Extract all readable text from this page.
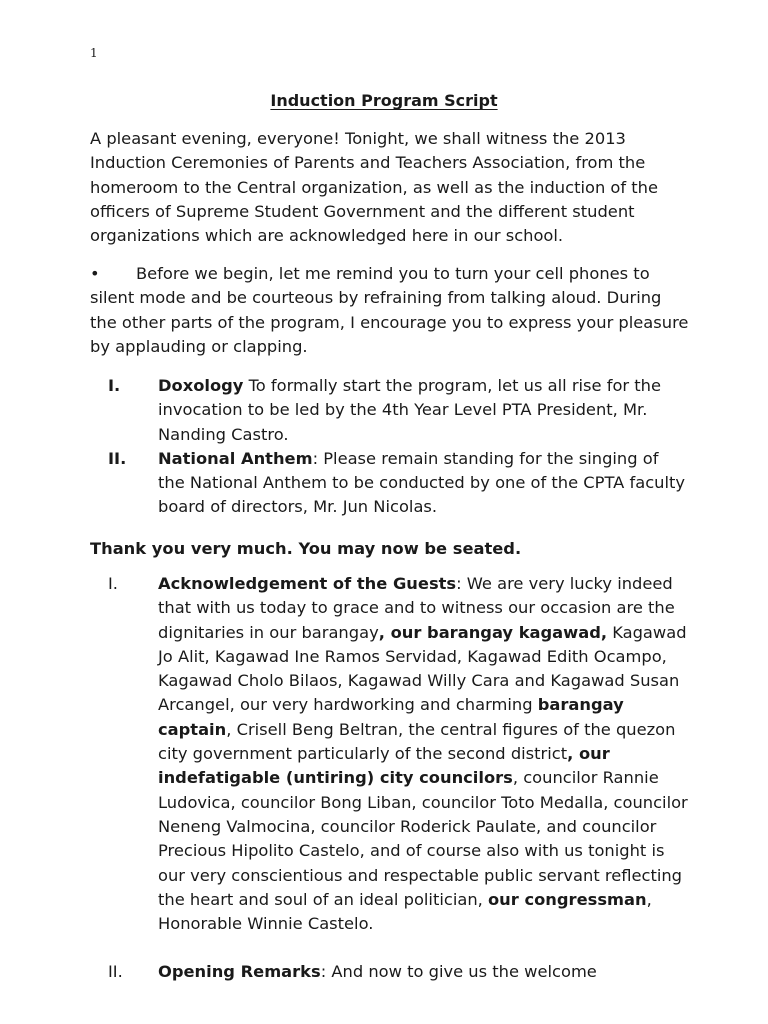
1
Induction Program Script

A pleasant evening, everyone! Tonight, we shall witness the 2013 Induction Ceremonies of Parents and Teachers Association, from the homeroom to the Central organization, as well as the induction of the officers of Supreme Student Government and the different student organizations which are acknowledged here in our school.

• Before we begin, let me remind you to turn your cell phones to silent mode and be courteous by refraining from talking aloud. During the other parts of the program, I encourage you to express your pleasure by applauding or clapping.

I. Doxology To formally start the program, let us all rise for the invocation to be led by the 4th Year Level PTA President, Mr. Nanding Castro.
II. National Anthem: Please remain standing for the singing of the National Anthem to be conducted by one of the CPTA faculty board of directors, Mr. Jun Nicolas.

Thank you very much. You may now be seated.

I. Acknowledgement of the Guests: We are very lucky indeed that with us today to grace and to witness our occasion are the dignitaries in our barangay, our barangay kagawad, Kagawad Jo Alit, Kagawad Ine Ramos Servidad, Kagawad Edith Ocampo, Kagawad Cholo Bilaos, Kagawad Willy Cara and Kagawad Susan Arcangel, our very hardworking and charming barangay captain, Crisell Beng Beltran, the central figures of the quezon city government particularly of the second district, our indefatigable (untiring) city councilors, councilor Rannie Ludovica, councilor Bong Liban, councilor Toto Medalla, councilor Neneng Valmocina, councilor Roderick Paulate, and councilor Precious Hipolito Castelo, and of course also with us tonight is our very conscientious and respectable public servant reflecting the heart and soul of an ideal politician, our congressman, Honorable Winnie Castelo.
II. Opening Remarks: And now to give us the welcome
